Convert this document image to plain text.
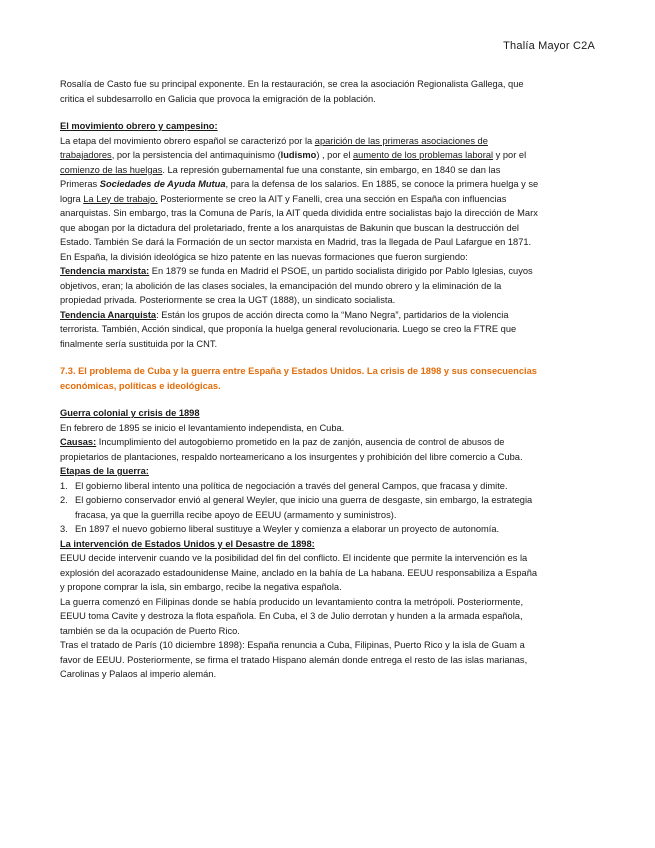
Thalía Mayor C2A

Rosalía de Casto fue su principal exponente. En la restauración, se crea la asociación Regionalista Gallega, que critica el subdesarrollo en Galicia que provoca la emigración de la población.

El movimiento obrero y campesino:

La etapa del movimiento obrero español se caracterizó por la aparición de las primeras asociaciones de trabajadores, por la persistencia del antimaquinismo (ludismo) , por el aumento de los problemas laboral y por el comienzo de las huelgas. La represión gubernamental fue una constante, sin embargo, en 1840 se dan las Primeras Sociedades de Ayuda Mutua, para la defensa de los salarios. En 1885, se conoce la primera huelga y se logra La Ley de trabajo. Posteriormente se creo la AIT y Fanelli, crea una sección en España con influencias anarquistas. Sin embargo, tras la Comuna de París, la AIT queda dividida entre socialistas bajo la dirección de Marx que abogan por la dictadura del proletariado, frente a los anarquistas de Bakunin que buscan la destrucción del Estado. También Se dará la Formación de un sector marxista en Madrid, tras la llegada de Paul Lafargue en 1871. En España, la división ideológica se hizo patente en las nuevas formaciones que fueron surgiendo:

Tendencia marxista: En 1879 se funda en Madrid el PSOE, un partido socialista dirigido por Pablo Iglesias, cuyos objetivos, eran; la abolición de las clases sociales, la emancipación del mundo obrero y la eliminación de la propiedad privada. Posteriormente se crea la UGT (1888), un sindicato socialista.

Tendencia Anarquista: Están los grupos de acción directa como la “Mano Negra”, partidarios de la violencia terrorista. También, Acción sindical, que proponía la huelga general revolucionaria. Luego se creo la FTRE que finalmente sería sustituida por la CNT.

7.3. El problema de Cuba y la guerra entre España y Estados Unidos. La crisis de 1898 y sus consecuencias económicas, políticas e ideológicas.

Guerra colonial y crisis de 1898

En febrero de 1895 se inicio el levantamiento independista, en Cuba.

Causas: Incumplimiento del autogobierno prometido en la paz de zanjón, ausencia de control de abusos de propietarios de plantaciones, respaldo norteamericano a los insurgentes y prohibición del libre comercio a Cuba.

Etapas de la guerra:

1. El gobierno liberal intento una política de negociación a través del general Campos, que fracasa y dimite.
2. El gobierno conservador envió al general Weyler, que inicio una guerra de desgaste, sin embargo, la estrategia fracasa, ya que la guerrilla recibe apoyo de EEUU (armamento y suministros).
3. En 1897 el nuevo gobierno liberal sustituye a Weyler y comienza a elaborar un proyecto de autonomía.

La intervención de Estados Unidos y el Desastre de 1898:

EEUU decide intervenir cuando ve la posibilidad del fin del conflicto. El incidente que permite la intervención es la explosión del acorazado estadounidense Maine, anclado en la bahía de La habana. EEUU responsabiliza a España y propone comprar la isla, sin embargo, recibe la negativa española.

La guerra comenzó en Filipinas donde se había producido un levantamiento contra la metrópoli. Posteriormente, EEUU toma Cavite y destroza la flota española. En Cuba, el 3 de Julio derrotan y hunden a la armada española, también se da la ocupación de Puerto Rico.

Tras el tratado de París (10 diciembre 1898): España renuncia a Cuba, Filipinas, Puerto Rico y la isla de Guam a favor de EEUU. Posteriormente, se firma el tratado Hispano alemán donde entrega el resto de las islas marianas, Carolinas y Palaos al imperio alemán.
